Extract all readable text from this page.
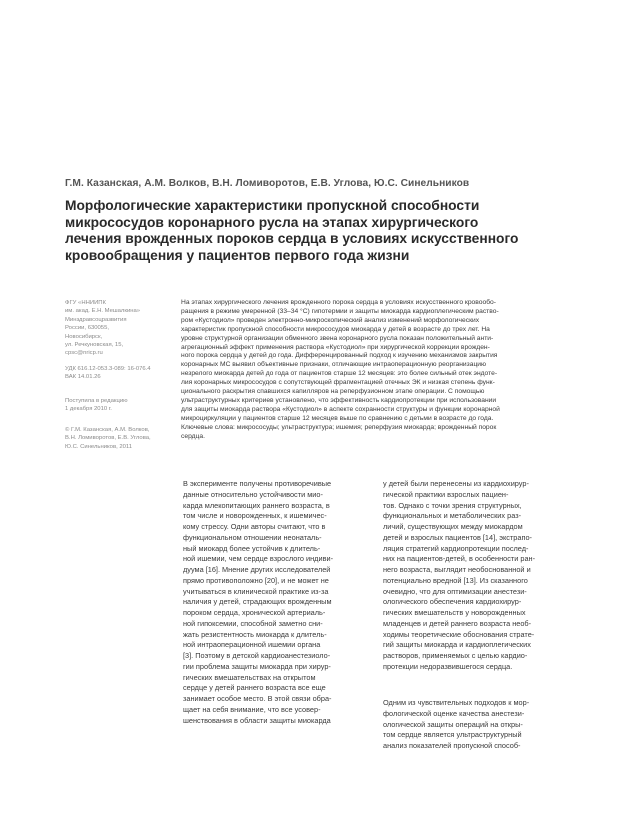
Г.М. Казанская, А.М. Волков, В.Н. Ломиворотов, Е.В. Углова, Ю.С. Синельников
Морфологические характеристики пропускной способности
микрососудов коронарного русла на этапах хирургического
лечения врожденных пороков сердца в условиях искусственного
кровообращения у пациентов первого года жизни
ФГУ «ННИИПК
им. акад. Е.Н. Мешалкина»
Минздравсоцразвития
России, 630055,
Новосибирск,
ул. Речкуновская, 15,
cpsc@nricp.ru
УДК 616.12-053.3-089: 16-076.4
ВАК 14.01.26
Поступила в редакцию
1 декабря 2010 г.
© Г.М. Казанская, А.М. Волков,
В.Н. Ломиворотов, Е.В. Углова,
Ю.С. Синельников, 2011
На этапах хирургического лечения врожденного порока сердца в условиях искусственного кровообо-
ращения в режиме умеренной (33–34 °С) гипотермии и защиты миокарда кардиоплегическим раство-
ром «Кустодиол» проведен электронно-микроскопический анализ изменений морфологических
характеристик пропускной способности микрососудов миокарда у детей в возрасте до трех лет. На
уровне структурной организации обменного звена коронарного русла показан положительный анти-
агрегационный эффект применения раствора «Кустодиол» при хирургической коррекции врожден-
ного порока сердца у детей до года. Дифференцированный подход к изучению механизмов закрытия
коронарных МС выявил объективные признаки, отличающие интраоперационную реорганизацию
незрелого миокарда детей до года от пациентов старше 12 месяцев: это более сильный отек эндоте-
лия коронарных микрососудов с сопутствующей фрагментацией отечных ЭК и низкая степень функ-
ционального раскрытия спавшихся капилляров на реперфузионном этапе операции. С помощью
ультраструктурных критериев установлено, что эффективность кардиопротекции при использовании
для защиты миокарда раствора «Кустодиол» в аспекте сохранности структуры и функции коронарной
микроциркуляции у пациентов старше 12 месяцев выше по сравнению с детьми в возрасте до года.
Ключевые слова: микрососуды; ультраструктура; ишемия; реперфузия миокарда; врожденный порок
сердца.
В эксперименте получены противоречивые
данные относительно устойчивости мио-
карда млекопитающих раннего возраста, в
том числе и новорожденных, к ишемичес-
кому стрессу. Одни авторы считают, что в
функциональном отношении неонаталь-
ный миокард более устойчив к длитель-
ной ишемии, чем сердце взрослого индиви-
дуума [16]. Мнение других исследователей
прямо противоположно [20], и не может не
учитываться в клинической практике из-за
наличия у детей, страдающих врожденным
пороком сердца, хронической артериаль-
ной гипоксемии, способной заметно сни-
жать резистентность миокарда к длитель-
ной интраоперационной ишемии органа
[3]. Поэтому в детской кардиоанестезиоло-
гии проблема защиты миокарда при хирур-
гических вмешательствах на открытом
сердце у детей раннего возраста все еще
занимает особое место. В этой связи обра-
щает на себя внимание, что все усовер-
шенствования в области защиты миокарда
у детей были перенесены из кардиохирур-
гической практики взрослых пациен-
тов. Однако с точки зрения структурных,
функциональных и метаболических раз-
личий, существующих между миокардом
детей и взрослых пациентов [14], экстрапо-
ляция стратегий кардиопротекции послед-
них на пациентов-детей, в особенности ран-
него возраста, выглядит необоснованной и
потенциально вредной [13]. Из сказанного
очевидно, что для оптимизации анестези-
ологического обеспечения кардиохирур-
гических вмешательств у новорожденных
младенцев и детей раннего возраста необ-
ходимы теоретические обоснования страте-
гий защиты миокарда и кардиоплегических
растворов, применяемых с целью кардио-
протекции недоразвившегося сердца.
Одним из чувствительных подходов к мор-
фологической оценке качества анестези-
ологической защиты операций на откры-
том сердце является ультраструктурный
анализ показателей пропускной способ-
